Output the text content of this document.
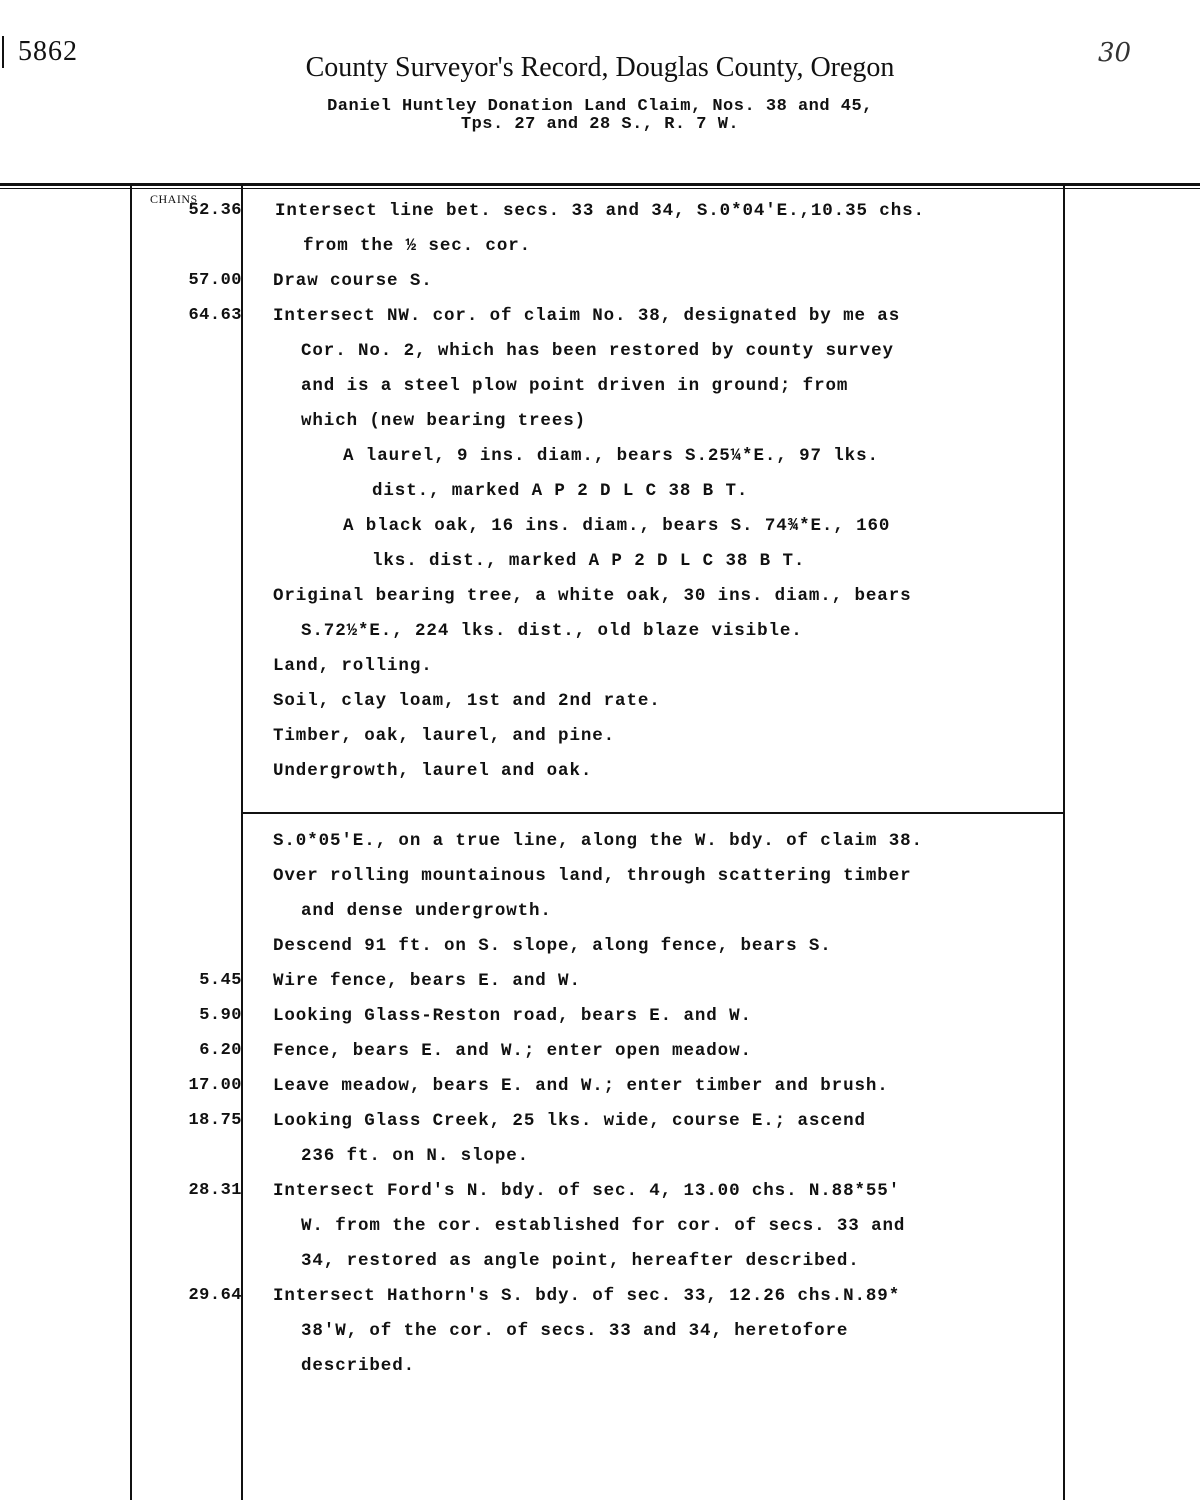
5862
County Surveyor's Record, Douglas County, Oregon	30
Daniel Huntley Donation Land Claim, Nos. 38 and 45,
Tps. 27 and 28 S., R. 7 W.
CHAINS
52.36
57.00
64.63
Intersect line bet. secs. 33 and 34, S.0*04'E.,10.35 chs.
from the ½ sec. cor.
Draw course S.
Intersect NW. cor. of claim No. 38, designated by me as
Cor. No. 2, which has been restored by county survey
and is a steel plow point driven in ground; from
which (new bearing trees)
A laurel, 9 ins. diam., bears S.25¼*E., 97 lks.
dist., marked A P 2 D L C 38 B T.
A black oak, 16 ins. diam., bears S. 74¾*E., 160
lks. dist., marked A P 2 D L C 38 B T.
Original bearing tree, a white oak, 30 ins. diam., bears
S.72½*E., 224 lks. dist., old blaze visible.
Land, rolling.
Soil, clay loam, 1st and 2nd rate.
Timber, oak, laurel, and pine.
Undergrowth, laurel and oak.
5.45
5.90
6.20
17.00
18.75
28.31
29.64
S.0*05'E., on a true line, along the W. bdy. of claim 38.
Over rolling mountainous land, through scattering timber
and dense undergrowth.
Descend 91 ft. on S. slope, along fence, bears S.
Wire fence, bears E. and W.
Looking Glass-Reston road, bears E. and W.
Fence, bears E. and W.; enter open meadow.
Leave meadow, bears E. and W.; enter timber and brush.
Looking Glass Creek, 25 lks. wide, course E.; ascend
236 ft. on N. slope.
Intersect Ford's N. bdy. of sec. 4, 13.00 chs. N.88*55'
W. from the cor. established for cor. of secs. 33 and
34, restored as angle point, hereafter described.
Intersect Hathorn's S. bdy. of sec. 33, 12.26 chs.N.89*
38'W, of the cor. of secs. 33 and 34, heretofore
described.
